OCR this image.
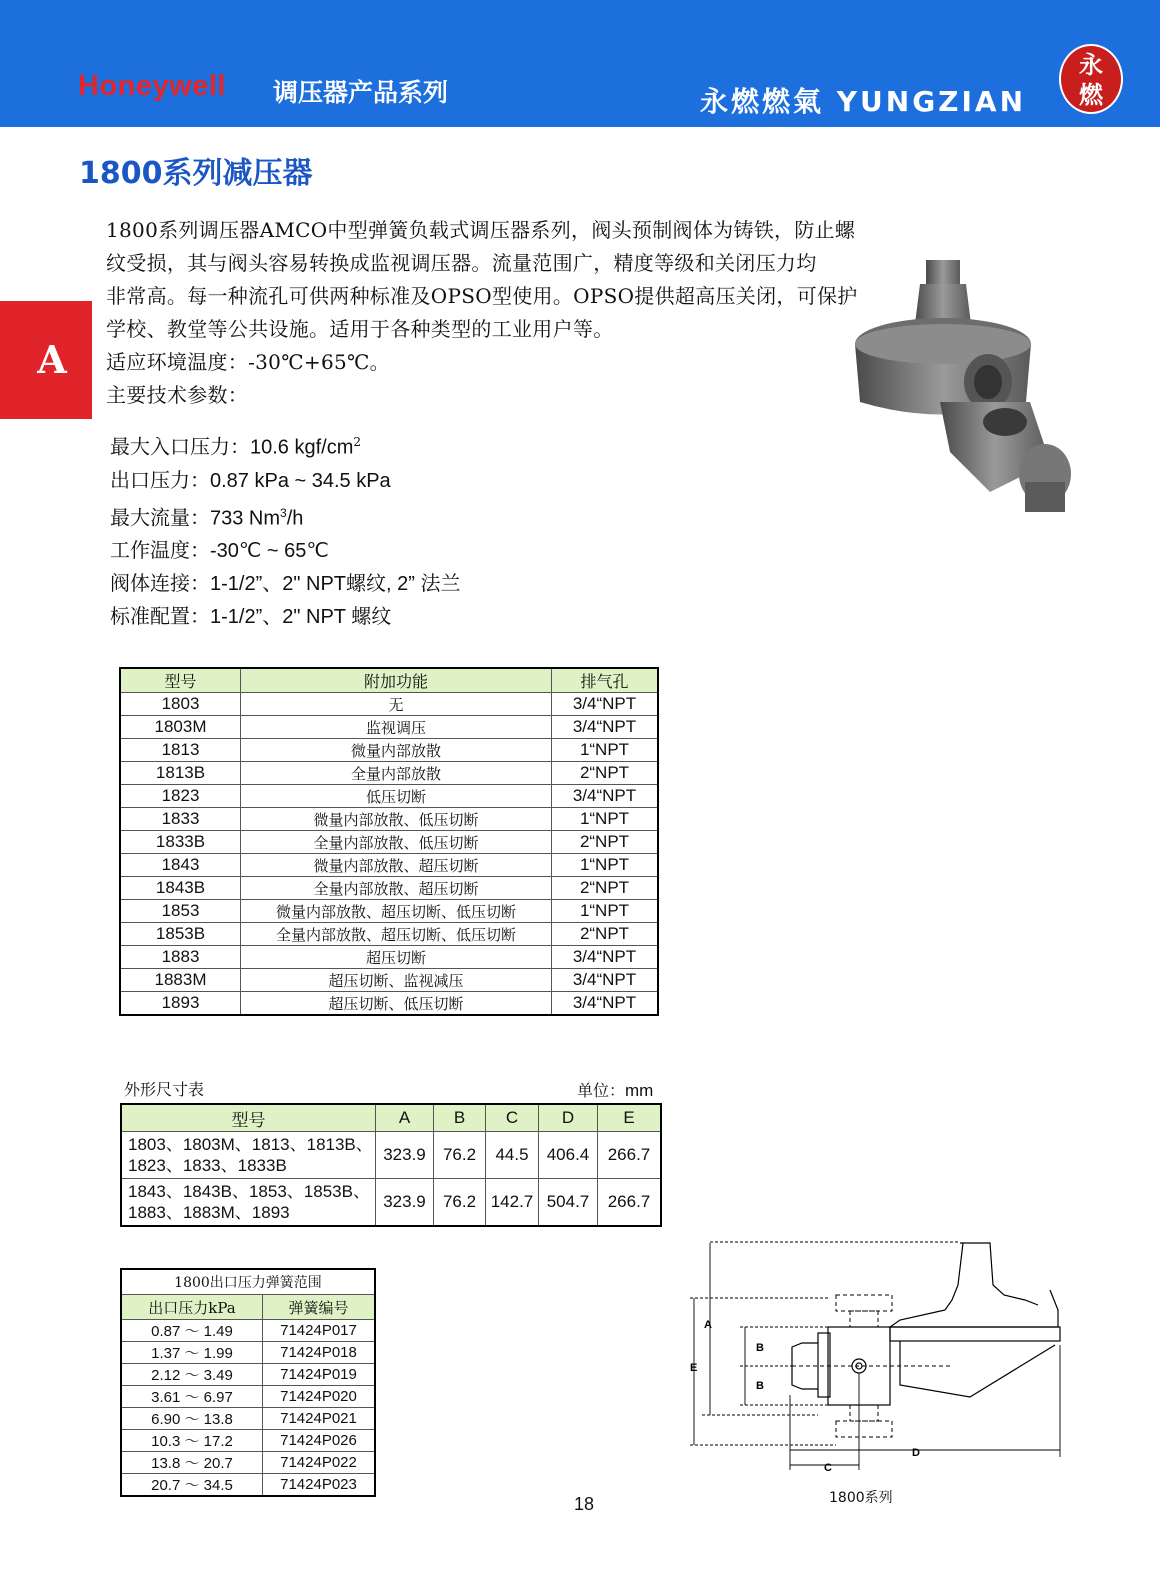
Honeywell 调压器产品系列	永燃燃氣 YUNGZIAN
永
燃
1800系列减压器
A
1800系列调压器AMCO中型弹簧负载式调压器系列，阀头预制阀体为铸铁，防止螺
纹受损，其与阀头容易转换成监视调压器。流量范围广，精度等级和关闭压力均
非常高。每一种流孔可供两种标准及OPSO型使用。OPSO提供超高压关闭，可保护
学校、教堂等公共设施。适用于各种类型的工业用户等。
适应环境温度：-30℃+65℃。
主要技术参数：
最大入口压力：10.6 kgf/$cm^2$
出口压力：0.87 kPa ~ 34.5 kPa
最大流量：733 Nm$^3$/h
工作温度：-30℃ ~ 65℃
阀体连接：1-1/2”、2" NPT螺纹, 2” 法兰
标准配置：1-1/2”、2" NPT 螺纹
型号	附加功能	排气孔
1803	无	3/4“NPT
1803M	监视调压	3/4“NPT
1813	微量内部放散	1“NPT
1813B	全量内部放散	2“NPT
1823	低压切断	3/4“NPT
1833	微量内部放散、低压切断	1“NPT
1833B	全量内部放散、低压切断	2“NPT
1843	微量内部放散、超压切断	1“NPT
1843B	全量内部放散、超压切断	2“NPT
1853	微量内部放散、超压切断、低压切断	1“NPT
1853B	全量内部放散、超压切断、低压切断	2“NPT
1883	超压切断	3/4“NPT
1883M	超压切断、监视减压	3/4“NPT
1893	超压切断、低压切断	3/4“NPT
外形尺寸表	单位：mm
型号	A	B	C	D	E

1803、1803M、1813、1813B、
1823、1833、1833B	323.9	76.2	44.5	406.4	266.7

1843、1843B、1853、1853B、
1883、1883M、1893	323.9	76.2	142.7	504.7	266.7
1800出口压力弹簧范围	
出口压力kPa	弹簧编号
0.87 ～ 1.49	71424P017
1.37 ～ 1.99	71424P018
2.12 ～ 3.49	71424P019
3.61 ～ 6.97	71424P020
6.90 ～ 13.8	71424P021
10.3 ～ 17.2	71424P026
13.8 ～ 20.7	71424P022
20.7 ～ 34.5	71424P023
A
E
B
B
D
C
1800系列
18
